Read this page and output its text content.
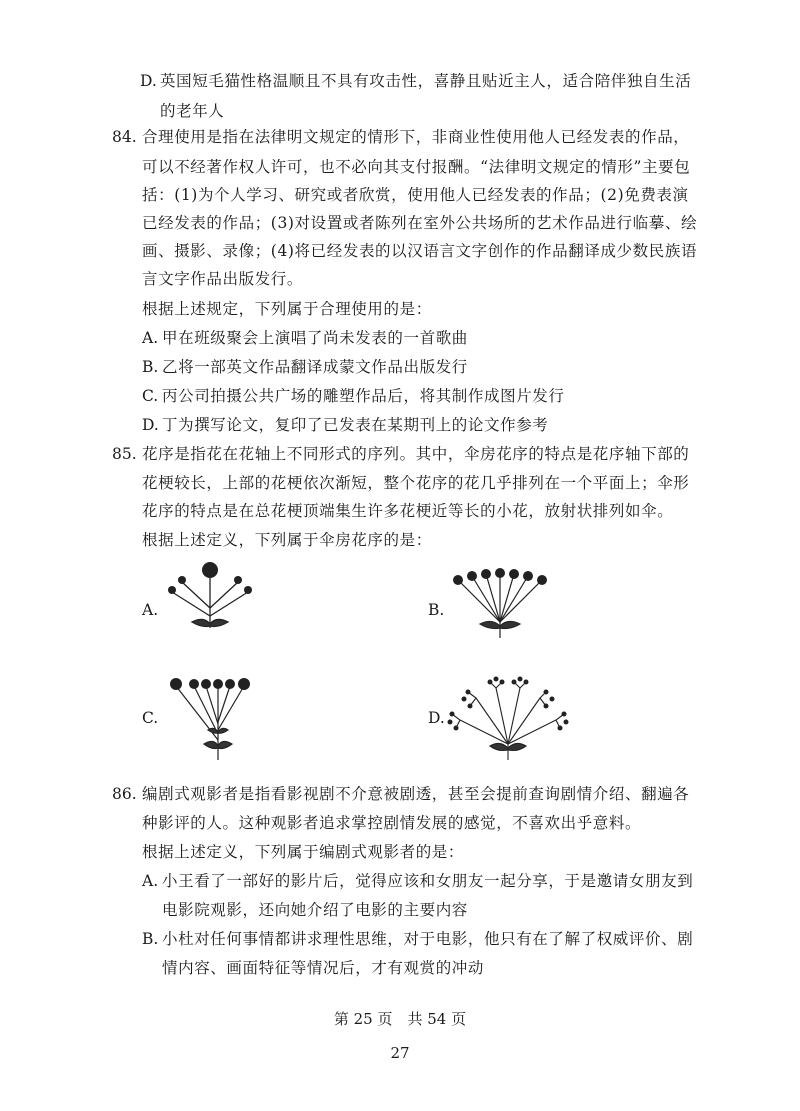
D. 英国短毛猫性格温顺且不具有攻击性，喜静且贴近主人，适合陪伴独自生活
的老年人
84. 合理使用是指在法律明文规定的情形下，非商业性使用他人已经发表的作品，
可以不经著作权人许可，也不必向其支付报酬。“法律明文规定的情形”主要包
括：(1)为个人学习、研究或者欣赏，使用他人已经发表的作品；(2)免费表演
已经发表的作品；(3)对设置或者陈列在室外公共场所的艺术作品进行临摹、绘
画、摄影、录像；(4)将已经发表的以汉语言文字创作的作品翻译成少数民族语
言文字作品出版发行。
根据上述规定，下列属于合理使用的是：
A. 甲在班级聚会上演唱了尚未发表的一首歌曲
B. 乙将一部英文作品翻译成蒙文作品出版发行
C. 丙公司拍摄公共广场的雕塑作品后，将其制作成图片发行
D. 丁为撰写论文，复印了已发表在某期刊上的论文作参考
85. 花序是指花在花轴上不同形式的序列。其中，伞房花序的特点是花序轴下部的
花梗较长，上部的花梗依次渐短，整个花序的花几乎排列在一个平面上；伞形
花序的特点是在总花梗顶端集生许多花梗近等长的小花，放射状排列如伞。
根据上述定义，下列属于伞房花序的是：
A.	B.
C.	D.
86. 编剧式观影者是指看影视剧不介意被剧透，甚至会提前查询剧情介绍、翻遍各
种影评的人。这种观影者追求掌控剧情发展的感觉，不喜欢出乎意料。
根据上述定义，下列属于编剧式观影者的是：
A. 小王看了一部好的影片后，觉得应该和女朋友一起分享，于是邀请女朋友到
电影院观影，还向她介绍了电影的主要内容
B. 小杜对任何事情都讲求理性思维，对于电影，他只有在了解了权威评价、剧
情内容、画面特征等情况后，才有观赏的冲动
第 25 页　共 54 页
27
